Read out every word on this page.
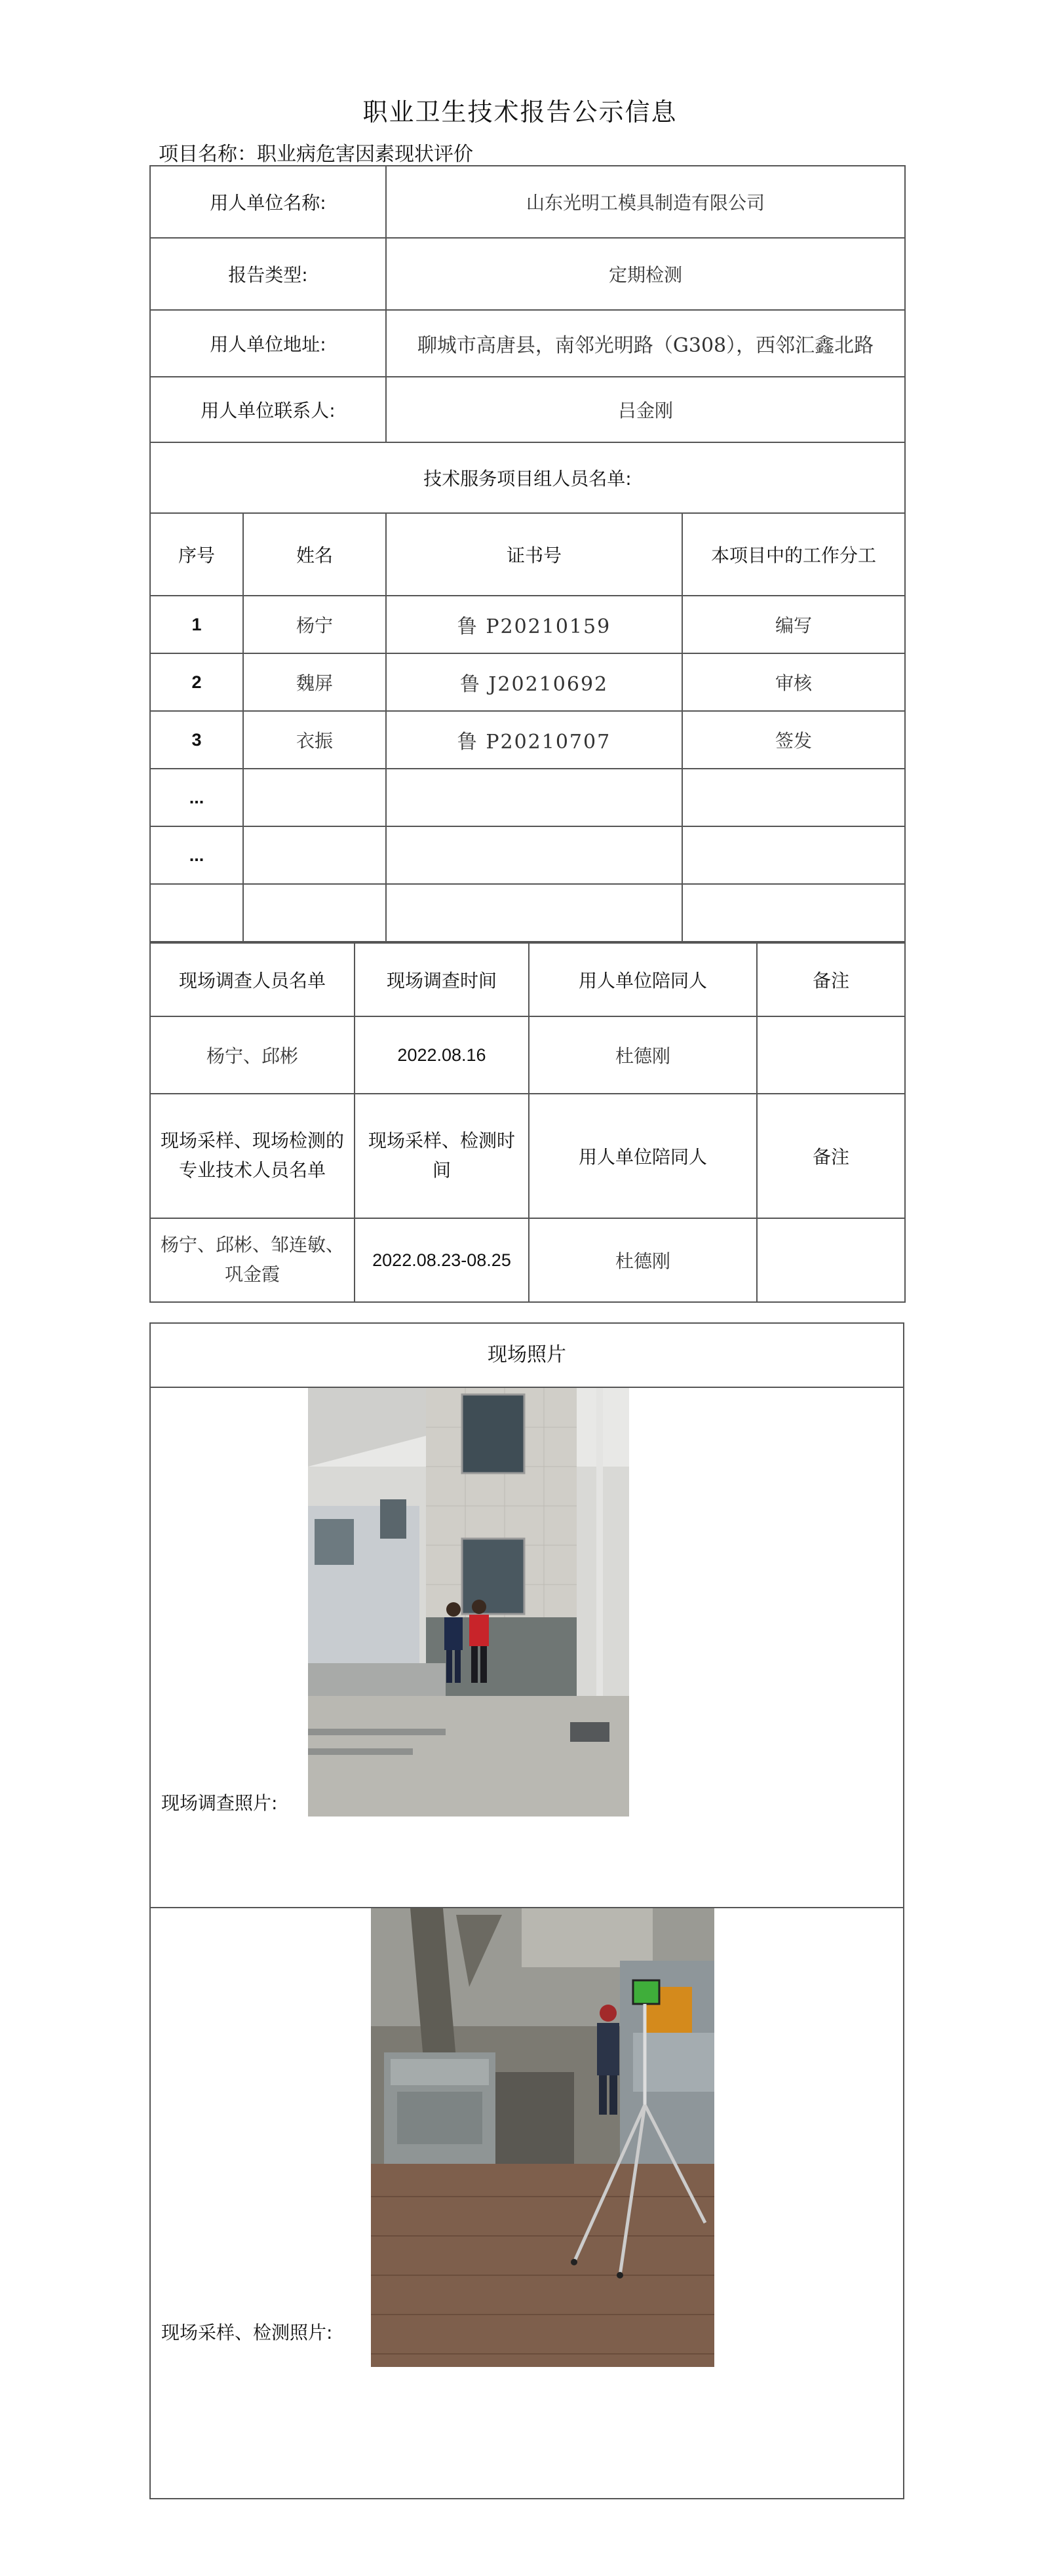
职业卫生技术报告公示信息
项目名称：职业病危害因素现状评价
用人单位名称:		山东光明工模具制造有限公司	
报告类型:		定期检测	
用人单位地址:		聊城市高唐县，南邻光明路（G308），西邻汇鑫北路	
用人单位联系人:		吕金刚	
技术服务项目组人员名单:			
序号	姓名	证书号	本项目中的工作分工
1	杨宁	鲁 P20210159	编写
2	魏屏	鲁 J20210692	审核
3	衣振	鲁 P20210707	签发
...			
...			

现场调查人员名单	现场调查时间	用人单位陪同人	备注
杨宁、邱彬	2022.08.16	杜德刚	
现场采样、现场检测的专业技术人员名单	现场采样、检测时间	用人单位陪同人	备注
杨宁、邱彬、邹连敏、巩金霞	2022.08.23-08.25	杜德刚	
现场照片
现场调查照片:
现场采样、检测照片:
